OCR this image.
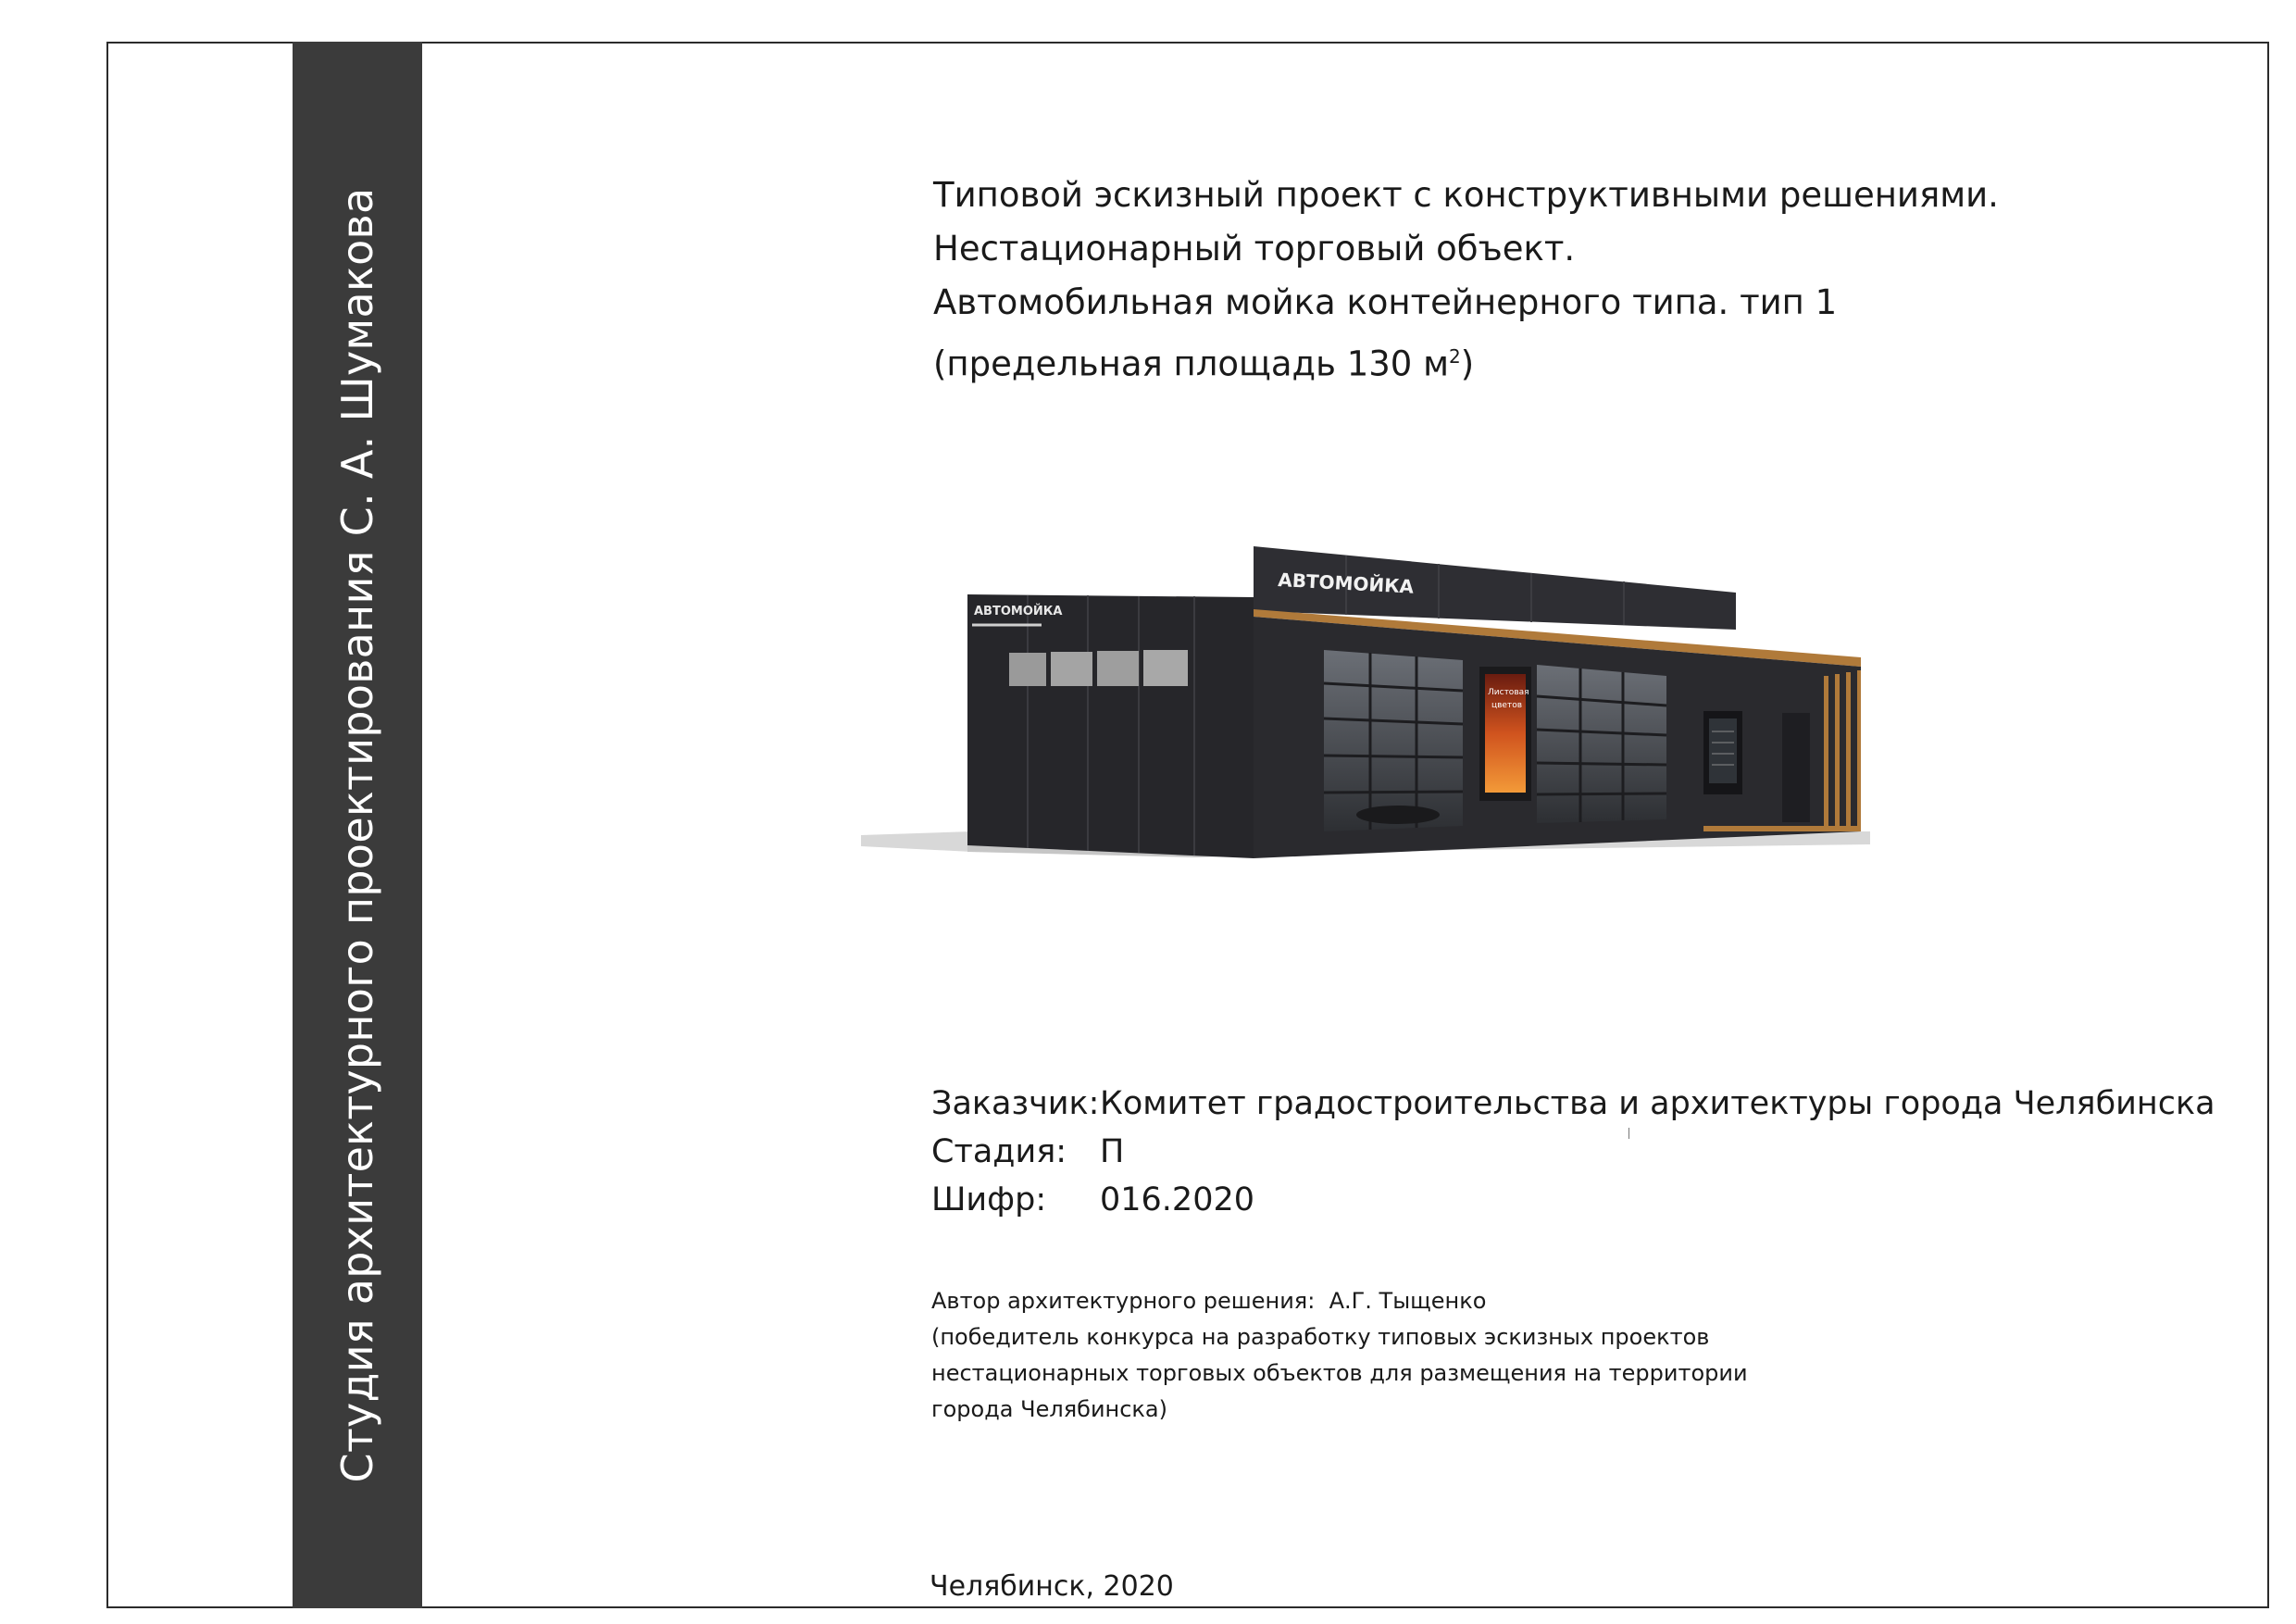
Студия архитектурного проектирования С. А. Шумакова	Типовой эскизный проект с конструктивными решениями.
Нестационарный торговый объект.
Автомобильная мойка контейнерного типа. тип 1
(предельная площадь 130 $м^2$)
АВТОМОЙКА
АВТОМОЙКА
Листовая
цветов
Заказчик: Комитет градостроительства и архитектуры города Челябинска
Стадия:	П
Шифр:	016.2020
Автор архитектурного решения:  А.Г. Тыщенко
(победитель конкурса на разработку типовых эскизных проектов
нестационарных торговых объектов для размещения на территории
города Челябинска)
Челябинск, 2020
